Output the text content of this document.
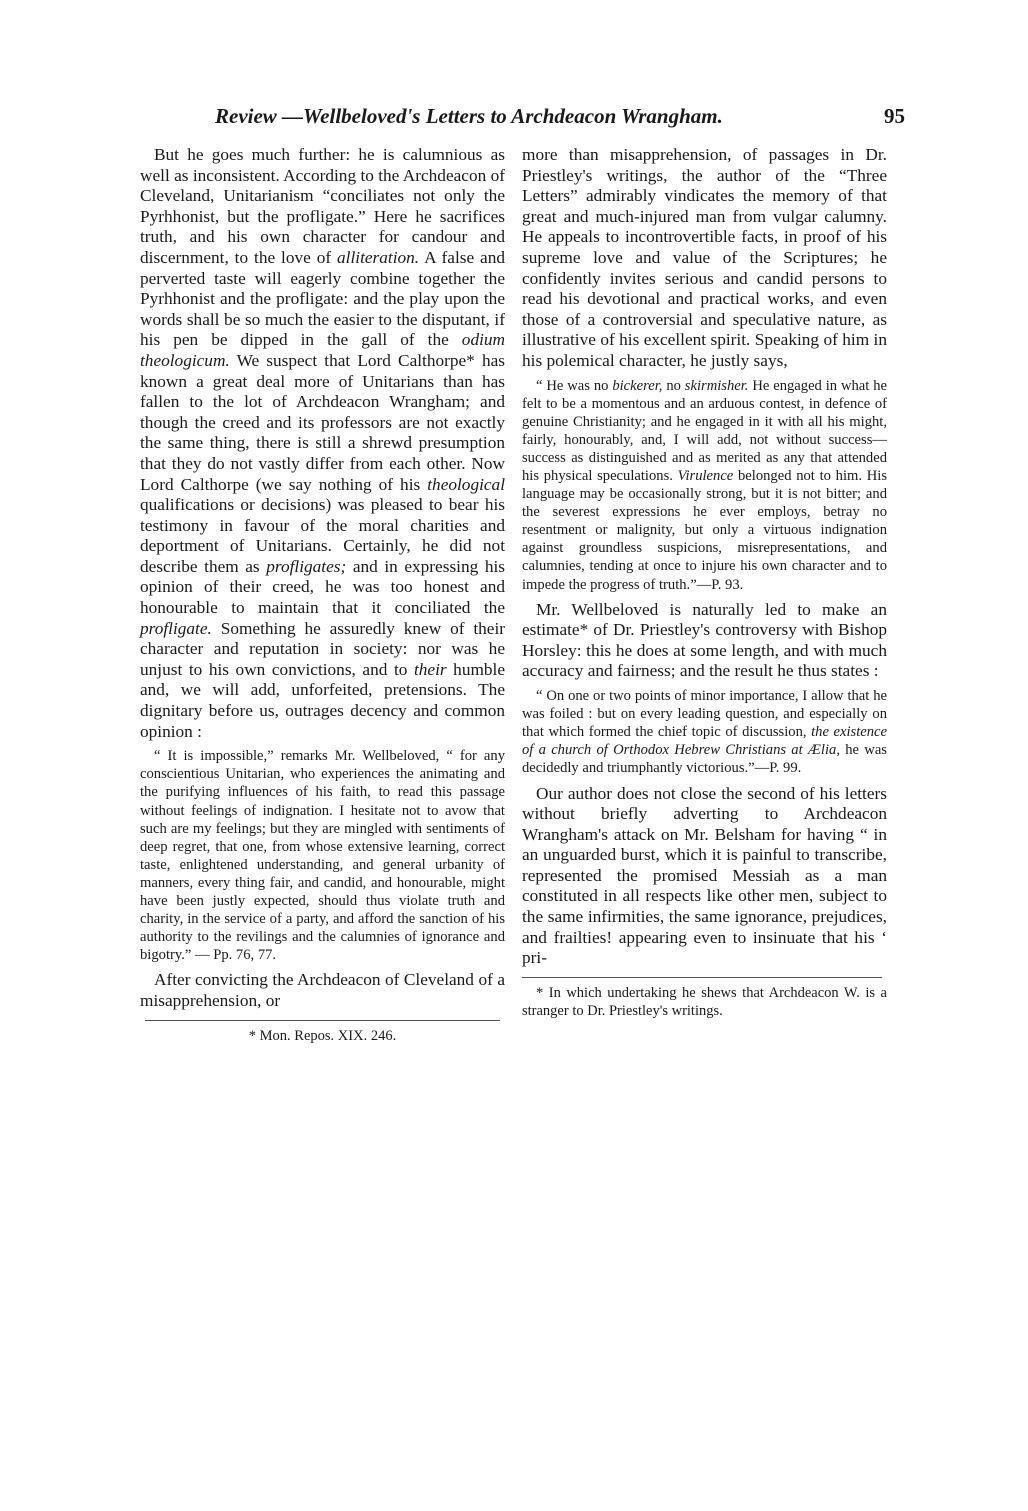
Review —Wellbeloved's Letters to Archdeacon Wrangham.	95

But he goes much further: he is calumnious as well as inconsistent. According to the Archdeacon of Cleveland, Unitarianism “conciliates not only the Pyrhhonist, but the profligate.” Here he sacrifices truth, and his own character for candour and discernment, to the love of alliteration. A false and perverted taste will eagerly combine together the Pyrhhonist and the profligate: and the play upon the words shall be so much the easier to the disputant, if his pen be dipped in the gall of the odium theologicum. We suspect that Lord Calthorpe* has known a great deal more of Unitarians than has fallen to the lot of Archdeacon Wrangham; and though the creed and its professors are not exactly the same thing, there is still a shrewd presumption that they do not vastly differ from each other. Now Lord Calthorpe (we say nothing of his theological qualifications or decisions) was pleased to bear his testimony in favour of the moral charities and deportment of Unitarians. Certainly, he did not describe them as profligates; and in expressing his opinion of their creed, he was too honest and honourable to maintain that it conciliated the profligate. Something he assuredly knew of their character and reputation in society: nor was he unjust to his own convictions, and to their humble and, we will add, unforfeited, pretensions. The dignitary before us, outrages decency and common opinion :

“ It is impossible,” remarks Mr. Wellbeloved, “ for any conscientious Unitarian, who experiences the animating and the purifying influences of his faith, to read this passage without feelings of indignation. I hesitate not to avow that such are my feelings; but they are mingled with sentiments of deep regret, that one, from whose extensive learning, correct taste, enlightened understanding, and general urbanity of manners, every thing fair, and candid, and honourable, might have been justly expected, should thus violate truth and charity, in the service of a party, and afford the sanction of his authority to the revilings and the calumnies of ignorance and bigotry.” — Pp. 76, 77.

After convicting the Archdeacon of Cleveland of a misapprehension, or

* Mon. Repos. XIX. 246.

more than misapprehension, of passages in Dr. Priestley's writings, the author of the “Three Letters” admirably vindicates the memory of that great and much-injured man from vulgar calumny. He appeals to incontrovertible facts, in proof of his supreme love and value of the Scriptures; he confidently invites serious and candid persons to read his devotional and practical works, and even those of a controversial and speculative nature, as illustrative of his excellent spirit. Speaking of him in his polemical character, he justly says,

“ He was no bickerer, no skirmisher. He engaged in what he felt to be a momentous and an arduous contest, in defence of genuine Christianity; and he engaged in it with all his might, fairly, honourably, and, I will add, not without success—success as distinguished and as merited as any that attended his physical speculations. Virulence belonged not to him. His language may be occasionally strong, but it is not bitter; and the severest expressions he ever employs, betray no resentment or malignity, but only a virtuous indignation against groundless suspicions, misrepresentations, and calumnies, tending at once to injure his own character and to impede the progress of truth.”—P. 93.

Mr. Wellbeloved is naturally led to make an estimate* of Dr. Priestley's controversy with Bishop Horsley: this he does at some length, and with much accuracy and fairness; and the result he thus states :

“ On one or two points of minor importance, I allow that he was foiled : but on every leading question, and especially on that which formed the chief topic of discussion, the existence of a church of Orthodox Hebrew Christians at Ælia, he was decidedly and triumphantly victorious.”—P. 99.

Our author does not close the second of his letters without briefly adverting to Archdeacon Wrangham's attack on Mr. Belsham for having “ in an unguarded burst, which it is painful to transcribe, represented the promised Messiah as a man constituted in all respects like other men, subject to the same infirmities, the same ignorance, prejudices, and frailties! appearing even to insinuate that his ‘ pri-

* In which undertaking he shews that Archdeacon W. is a stranger to Dr. Priestley's writings.
